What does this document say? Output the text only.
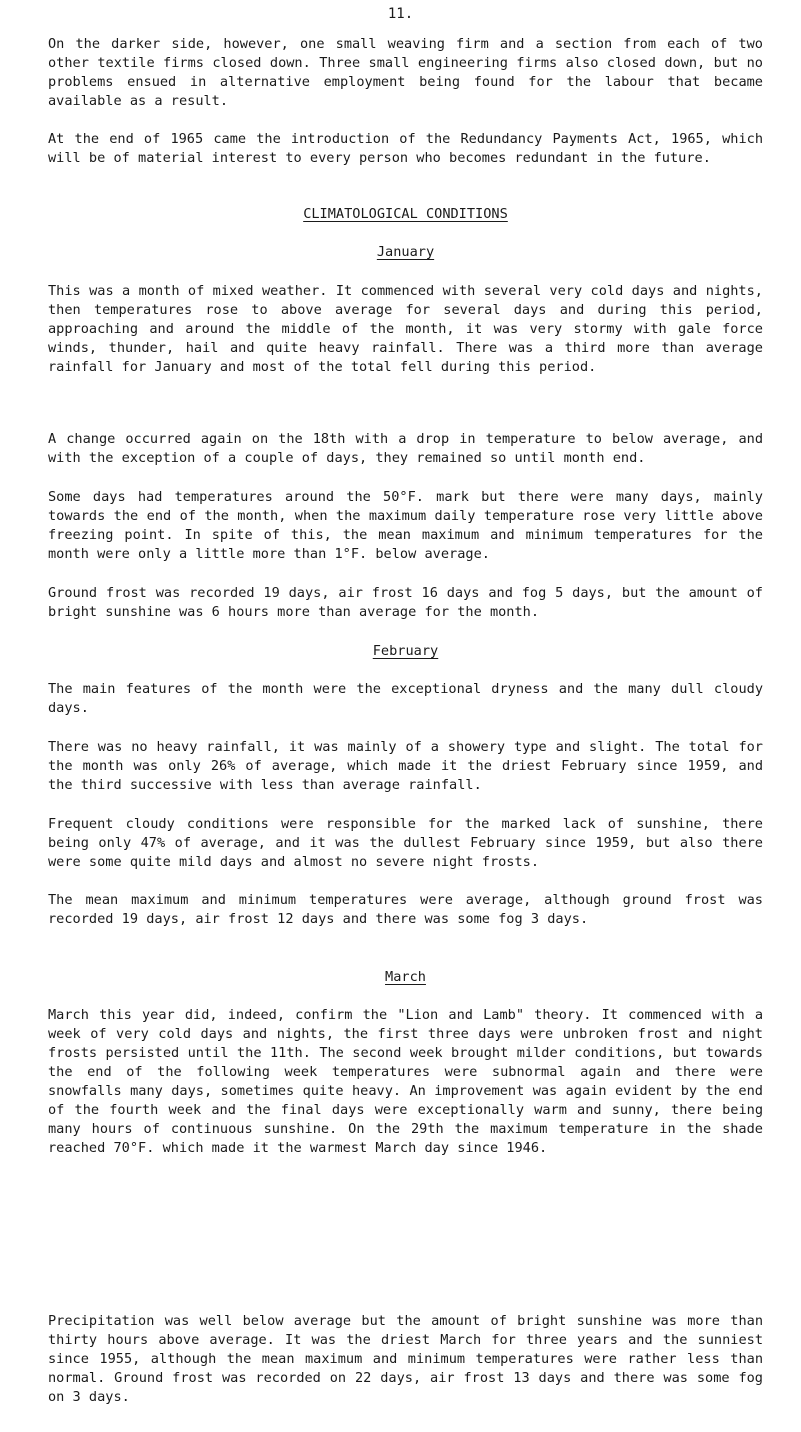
11.

On the darker side, however, one small weaving firm and a section from each of two other textile firms closed down. Three small engineering firms also closed down, but no problems ensued in alternative employment being found for the labour that became available as a result.

At the end of 1965 came the introduction of the Redundancy Payments Act, 1965, which will be of material interest to every person who becomes redundant in the future.

CLIMATOLOGICAL CONDITIONS

January

This was a month of mixed weather. It commenced with several very cold days and nights, then temperatures rose to above average for several days and during this period, approaching and around the middle of the month, it was very stormy with gale force winds, thunder, hail and quite heavy rainfall. There was a third more than average rainfall for January and most of the total fell during this period.

A change occurred again on the 18th with a drop in temperature to below average, and with the exception of a couple of days, they remained so until month end.

Some days had temperatures around the 50°F. mark but there were many days, mainly towards the end of the month, when the maximum daily temperature rose very little above freezing point. In spite of this, the mean maximum and minimum temperatures for the month were only a little more than 1°F. below average.

Ground frost was recorded 19 days, air frost 16 days and fog 5 days, but the amount of bright sunshine was 6 hours more than average for the month.

February

The main features of the month were the exceptional dryness and the many dull cloudy days.

There was no heavy rainfall, it was mainly of a showery type and slight. The total for the month was only 26% of average, which made it the driest February since 1959, and the third successive with less than average rainfall.

Frequent cloudy conditions were responsible for the marked lack of sunshine, there being only 47% of average, and it was the dullest February since 1959, but also there were some quite mild days and almost no severe night frosts.

The mean maximum and minimum temperatures were average, although ground frost was recorded 19 days, air frost 12 days and there was some fog 3 days.

March

March this year did, indeed, confirm the "Lion and Lamb" theory. It commenced with a week of very cold days and nights, the first three days were unbroken frost and night frosts persisted until the 11th. The second week brought milder conditions, but towards the end of the following week temperatures were subnormal again and there were snowfalls many days, sometimes quite heavy. An improvement was again evident by the end of the fourth week and the final days were exceptionally warm and sunny, there being many hours of continuous sunshine. On the 29th the maximum temperature in the shade reached 70°F. which made it the warmest March day since 1946.

Precipitation was well below average but the amount of bright sunshine was more than thirty hours above average. It was the driest March for three years and the sunniest since 1955, although the mean maximum and minimum temperatures were rather less than normal. Ground frost was recorded on 22 days, air frost 13 days and there was some fog on 3 days.
